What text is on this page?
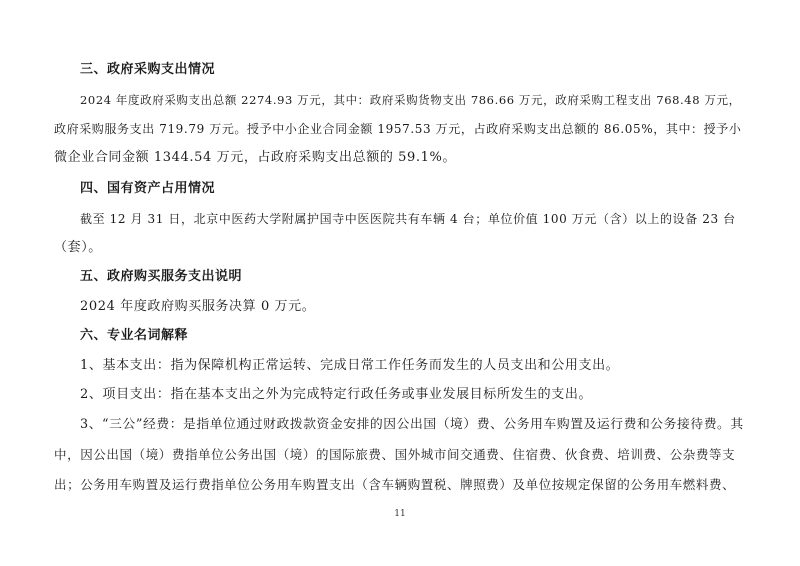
三、政府采购支出情况
2024 年度政府采购支出总额 2274.93 万元，其中：政府采购货物支出 786.66 万元，政府采购工程支出 768.48 万元，
政府采购服务支出 719.79 万元。授予中小企业合同金额 1957.53 万元，占政府采购支出总额的 86.05%，其中：授予小
微企业合同金额 1344.54 万元，占政府采购支出总额的 59.1%。
四、国有资产占用情况
截至 12 月 31 日，北京中医药大学附属护国寺中医医院共有车辆 4 台；单位价值 100 万元（含）以上的设备 23 台
（套）。
五、政府购买服务支出说明
2024 年度政府购买服务决算 0 万元。
六、专业名词解释
1、基本支出：指为保障机构正常运转、完成日常工作任务而发生的人员支出和公用支出。
2、项目支出：指在基本支出之外为完成特定行政任务或事业发展目标所发生的支出。
3、“三公”经费：是指单位通过财政拨款资金安排的因公出国（境）费、公务用车购置及运行费和公务接待费。其
中，因公出国（境）费指单位公务出国（境）的国际旅费、国外城市间交通费、住宿费、伙食费、培训费、公杂费等支
出；公务用车购置及运行费指单位公务用车购置支出（含车辆购置税、牌照费）及单位按规定保留的公务用车燃料费、
11
